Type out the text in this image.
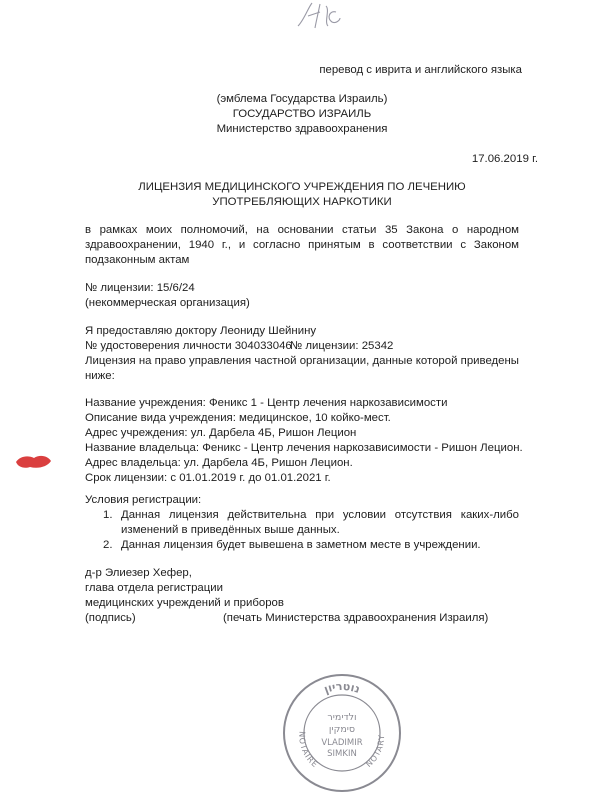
перевод с иврита и английского языка
(эмблема Государства Израиль)
ГОСУДАРСТВО ИЗРАИЛЬ
Министерство здравоохранения
17.06.2019 г.
ЛИЦЕНЗИЯ МЕДИЦИНСКОГО УЧРЕЖДЕНИЯ ПО ЛЕЧЕНИЮ
УПОТРЕБЛЯЮЩИХ НАРКОТИКИ
в рамках моих полномочий, на основании статьи 35 Закона о народном
здравоохранении, 1940 г., и согласно принятым в соответствии с Законом
подзаконным актам
№ лицензии: 15/6/24
(некоммерческая организация)
Я предоставляю доктору Леониду Шейнину
№ удостоверения личности 304033046
№ лицензии: 25342
Лицензия на право управления частной организации, данные которой приведены
ниже:
Название учреждения: Феникс 1 - Центр лечения наркозависимости
Описание вида учреждения: медицинское, 10 койко-мест.
Адрес учреждения: ул. Дарбела 4Б, Ришон Лецион
Название владельца: Феникс - Центр лечения наркозависимости - Ришон Лецион.
Адрес владельца: ул. Дарбела 4Б, Ришон Лецион.
Срок лицензии: с 01.01.2019 г. до 01.01.2021 г.
Условия регистрации:
1. Данная лицензия действительна при условии отсутствия каких-либо
изменений в приведённых выше данных.
2. Данная лицензия будет вывешена в заметном месте в учреждении.
д-р Элиезер Хефер,
глава отдела регистрации
медицинских учреждений и приборов
(подпись)	(печать Министерства здравоохранения Израиля)
נוטריון
NOTAIRE	NOTARY
ולדימיר
סימקין
VLADIMIR
SIMKIN
